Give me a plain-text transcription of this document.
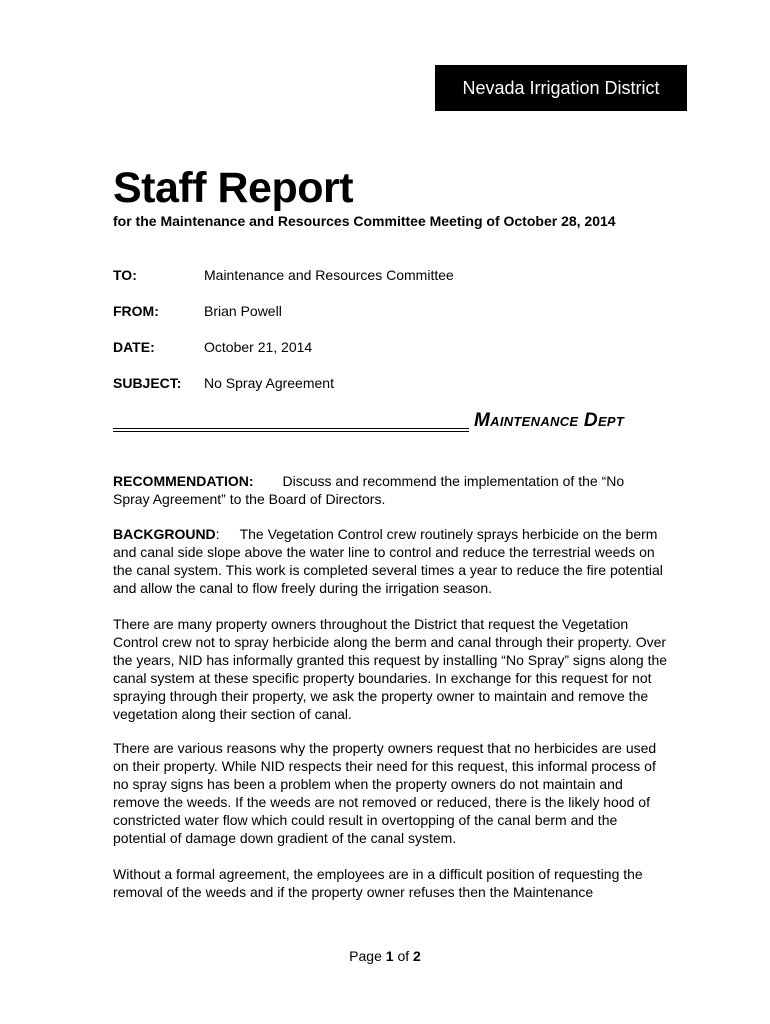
Nevada Irrigation District
Staff Report
for the Maintenance and Resources Committee Meeting of October 28, 2014
TO:	Maintenance and Resources Committee
FROM:	Brian Powell
DATE:	October 21, 2014
SUBJECT: No Spray Agreement
Maintenance Dept

RECOMMENDATION: Discuss and recommend the implementation of the “No
Spray Agreement” to the Board of Directors.

BACKGROUND: The Vegetation Control crew routinely sprays herbicide on the berm and canal side slope above the water line to control and reduce the terrestrial weeds on the canal system. This work is completed several times a year to reduce the fire potential and allow the canal to flow freely during the irrigation season.

There are many property owners throughout the District that request the Vegetation Control crew not to spray herbicide along the berm and canal through their property. Over the years, NID has informally granted this request by installing “No Spray” signs along the canal system at these specific property boundaries. In exchange for this request for not spraying through their property, we ask the property owner to maintain and remove the vegetation along their section of canal.

There are various reasons why the property owners request that no herbicides are used on their property. While NID respects their need for this request, this informal process of no spray signs has been a problem when the property owners do not maintain and remove the weeds. If the weeds are not removed or reduced, there is the likely hood of constricted water flow which could result in overtopping of the canal berm and the potential of damage down gradient of the canal system.

Without a formal agreement, the employees are in a difficult position of requesting the removal of the weeds and if the property owner refuses then the Maintenance

Page 1 of 2
